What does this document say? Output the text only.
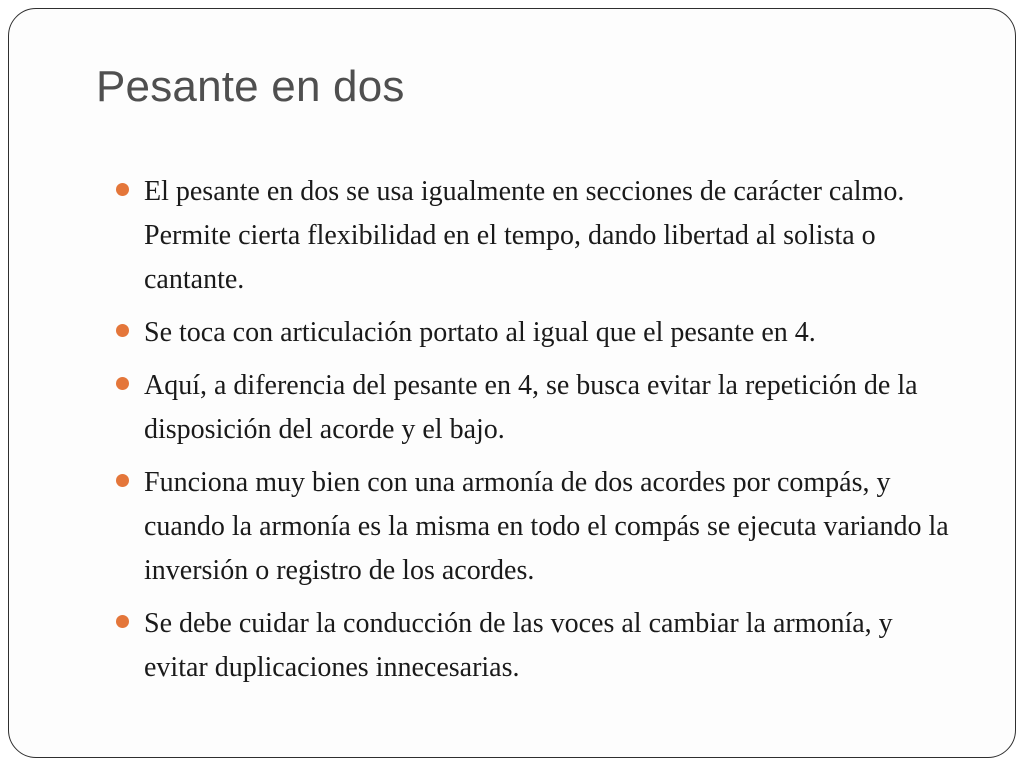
Pesante en dos
El pesante en dos se usa igualmente en secciones de carácter calmo. Permite cierta flexibilidad en el tempo, dando libertad al solista o cantante.
Se toca con articulación portato al igual que el pesante en 4.
Aquí, a diferencia del pesante en 4, se busca evitar la repetición de la disposición del acorde y el bajo.
Funciona muy bien con una armonía de dos acordes por compás, y cuando la armonía es la misma en todo el compás se ejecuta variando la inversión o registro de los acordes.
Se debe cuidar la conducción de las voces al cambiar la armonía, y evitar duplicaciones innecesarias.
